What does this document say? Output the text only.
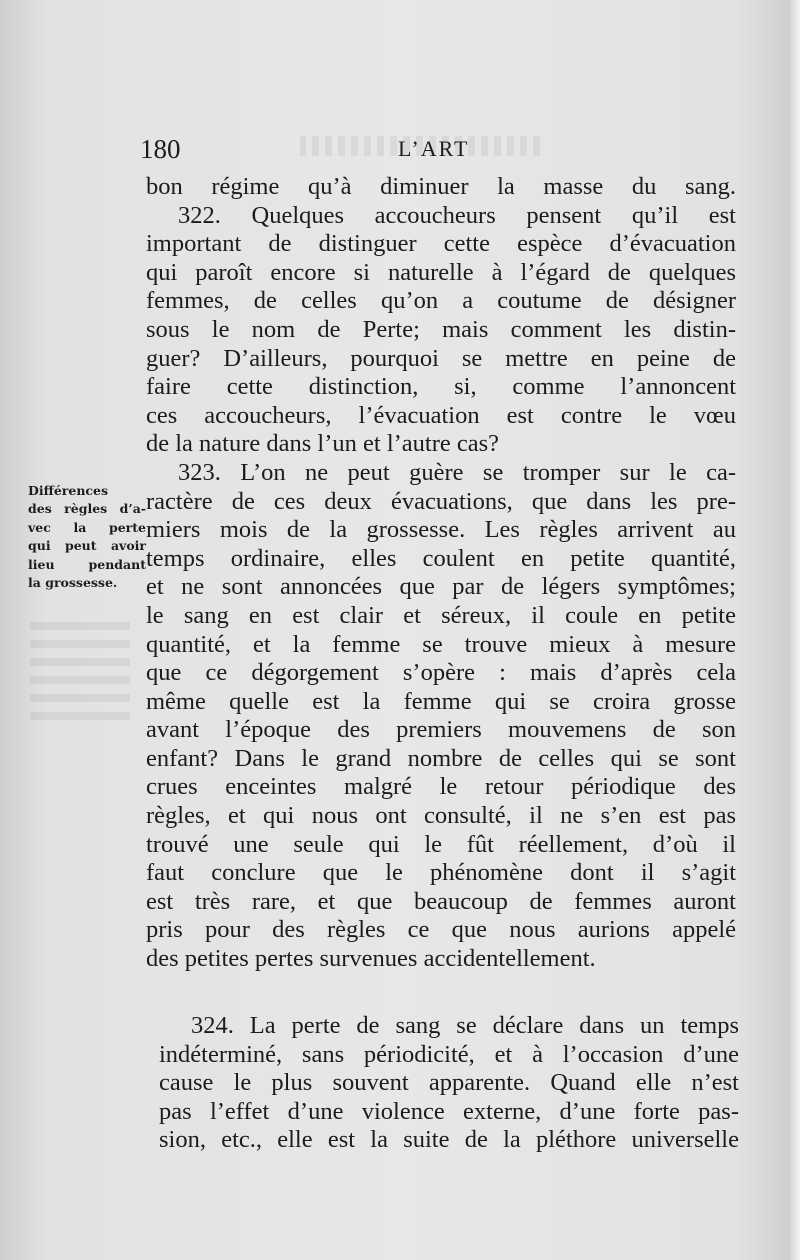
180	L’ART
bon régime qu’à diminuer la masse du sang.
322. Quelques accoucheurs pensent qu’il est
important de distinguer cette espèce d’évacuation
qui paroît encore si naturelle à l’égard de quelques
femmes, de celles qu’on a coutume de désigner
sous le nom de Perte; mais comment les distin-
guer? D’ailleurs, pourquoi se mettre en peine de
faire cette distinction, si, comme l’annoncent
ces accoucheurs, l’évacuation est contre le vœu
de la nature dans l’un et l’autre cas?
323. L’on ne peut guère se tromper sur le ca-
ractère de ces deux évacuations, que dans les pre-
miers mois de la grossesse. Les règles arrivent au
temps ordinaire, elles coulent en petite quantité,
et ne sont annoncées que par de légers symptômes;
le sang en est clair et séreux, il coule en petite
quantité, et la femme se trouve mieux à mesure
que ce dégorgement s’opère : mais d’après cela
même quelle est la femme qui se croira grosse
avant l’époque des premiers mouvemens de son
enfant? Dans le grand nombre de celles qui se sont
crues enceintes malgré le retour périodique des
règles, et qui nous ont consulté, il ne s’en est pas
trouvé une seule qui le fût réellement, d’où il
faut conclure que le phénomène dont il s’agit
est très rare, et que beaucoup de femmes auront
pris pour des règles ce que nous aurions appelé
des petites pertes survenues accidentellement.
324. La perte de sang se déclare dans un temps
indéterminé, sans périodicité, et à l’occasion d’une
cause le plus souvent apparente. Quand elle n’est
pas l’effet d’une violence externe, d’une forte pas-
sion, etc., elle est la suite de la pléthore universelle
Différences
des règles d’a-
vec la perte
qui peut avoir
lieu pendant
la grossesse.
